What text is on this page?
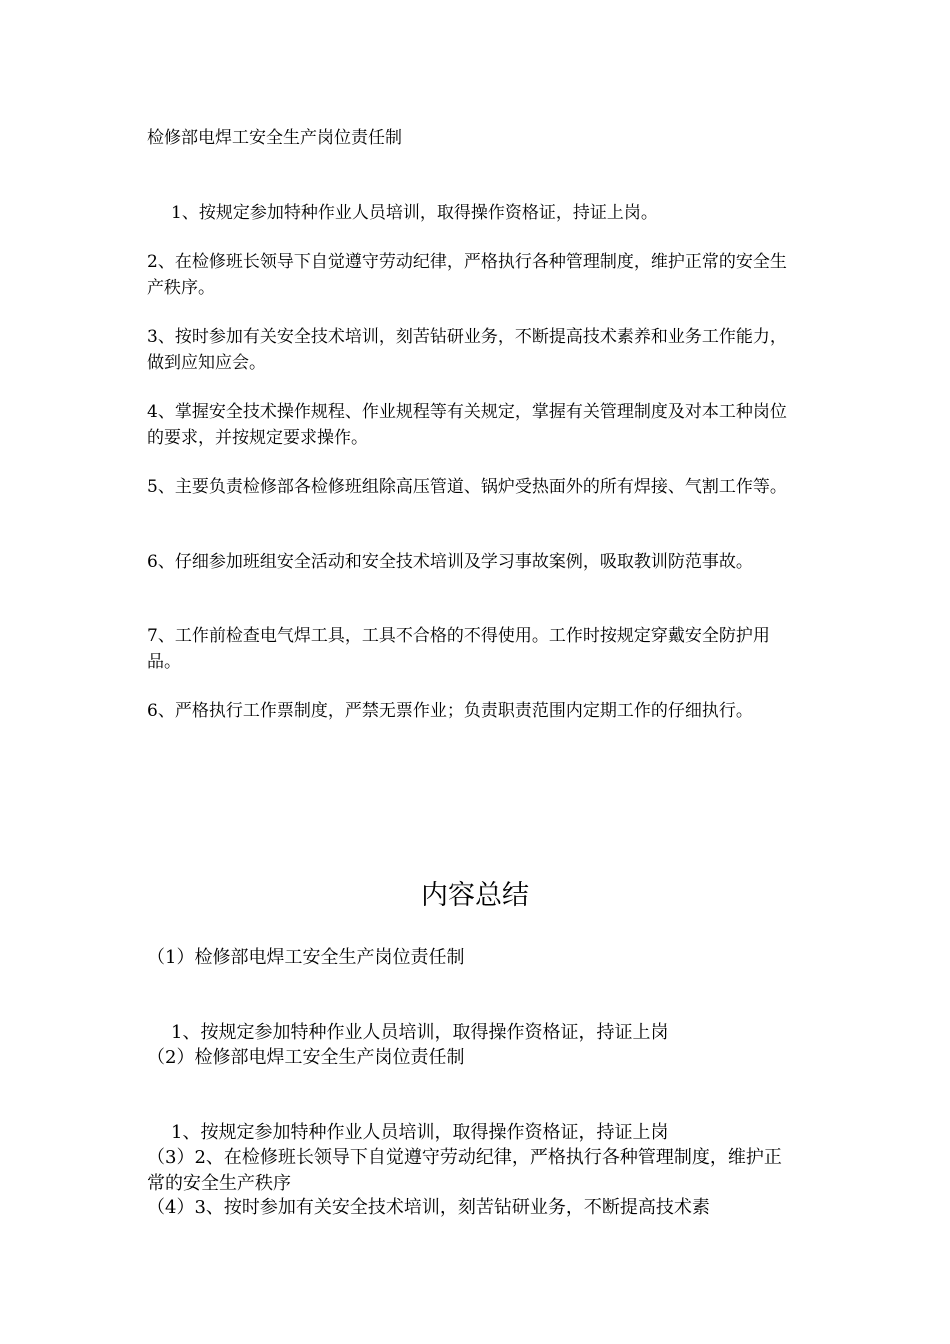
检修部电焊工安全生产岗位责任制
1、按规定参加特种作业人员培训，取得操作资格证，持证上岗。
2、在检修班长领导下自觉遵守劳动纪律，严格执行各种管理制度，维护正常的安全生产秩序。
3、按时参加有关安全技术培训，刻苦钻研业务，不断提高技术素养和业务工作能力，做到应知应会。
4、掌握安全技术操作规程、作业规程等有关规定，掌握有关管理制度及对本工种岗位的要求，并按规定要求操作。
5、主要负责检修部各检修班组除高压管道、锅炉受热面外的所有焊接、气割工作等。
6、仔细参加班组安全活动和安全技术培训及学习事故案例，吸取教训防范事故。
7、工作前检查电气焊工具，工具不合格的不得使用。工作时按规定穿戴安全防护用品。
6、严格执行工作票制度，严禁无票作业；负责职责范围内定期工作的仔细执行。
内容总结
（1）检修部电焊工安全生产岗位责任制
1、按规定参加特种作业人员培训，取得操作资格证，持证上岗
（2）检修部电焊工安全生产岗位责任制
1、按规定参加特种作业人员培训，取得操作资格证，持证上岗
（3）2、在检修班长领导下自觉遵守劳动纪律，严格执行各种管理制度，维护正常的安全生产秩序
（4）3、按时参加有关安全技术培训，刻苦钻研业务，不断提高技术素
